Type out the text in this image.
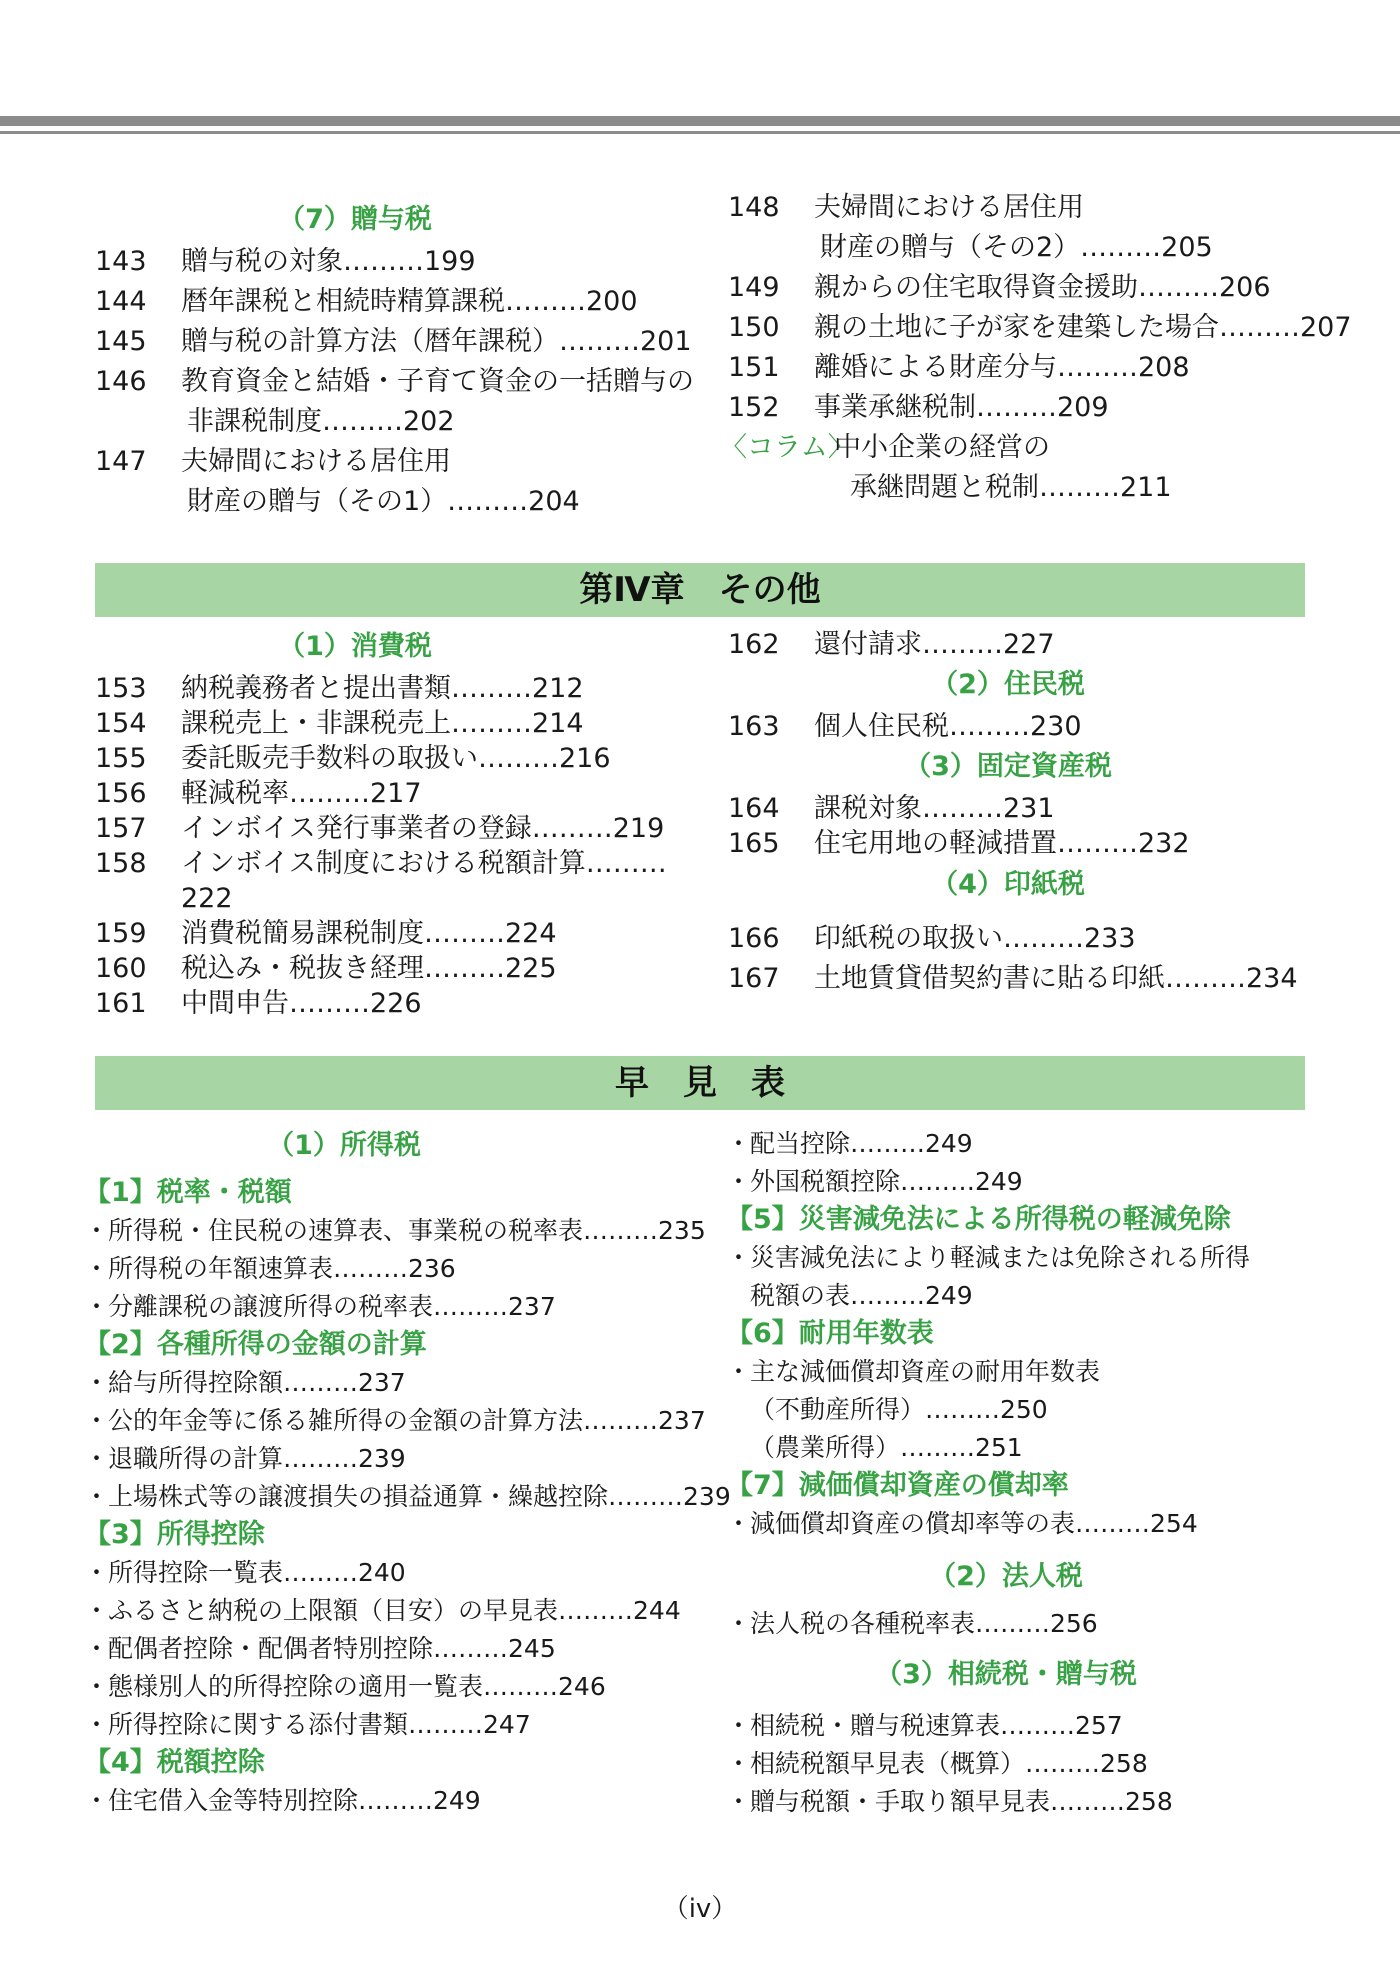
（7）贈与税
143	贈与税の対象………199
144	暦年課税と相続時精算課税………200
145	贈与税の計算方法（暦年課税）………201
146	教育資金と結婚・子育て資金の一括贈与の
非課税制度………202
147	夫婦間における居住用
財産の贈与（その1）………204
148	夫婦間における居住用
財産の贈与（その2）………205
149	親からの住宅取得資金援助………206
150	親の土地に子が家を建築した場合………207
151	離婚による財産分与………208
152	事業承継税制………209
〈コラム〉
中小企業の経営の
承継問題と税制………211
第Ⅳ章　その他
（1）消費税
153	納税義務者と提出書類………212
154	課税売上・非課税売上………214
155	委託販売手数料の取扱い………216
156	軽減税率………217
157	インボイス発行事業者の登録………219
158	インボイス制度における税額計算………
222
159	消費税簡易課税制度………224
160	税込み・税抜き経理………225
161	中間申告………226
162	還付請求………227
（2）住民税
163	個人住民税………230
（3）固定資産税
164	課税対象………231
165	住宅用地の軽減措置………232
（4）印紙税
166	印紙税の取扱い………233
167	土地賃貸借契約書に貼る印紙………234
早　見　表
（1）所得税
【1】税率・税額
・
所得税・住民税の速算表、事業税の税率表………235
・
所得税の年額速算表………236
・
分離課税の譲渡所得の税率表………237
【2】各種所得の金額の計算
・
給与所得控除額………237
・
公的年金等に係る雑所得の金額の計算方法………237
・
退職所得の計算………239
・
上場株式等の譲渡損失の損益通算・繰越控除………239
【3】所得控除
・
所得控除一覧表………240
・
ふるさと納税の上限額（目安）の早見表………244
・
配偶者控除・配偶者特別控除………245
・
態様別人的所得控除の適用一覧表………246
・
所得控除に関する添付書類………247
【4】税額控除
・
住宅借入金等特別控除………249
・
配当控除………249
・
外国税額控除………249
【5】災害減免法による所得税の軽減免除
・
災害減免法により軽減または免除される所得
税額の表………249
【6】耐用年数表
・
主な減価償却資産の耐用年数表
（不動産所得）………250
（農業所得）………251
【7】減価償却資産の償却率
・
減価償却資産の償却率等の表………254
（2）法人税
・
法人税の各種税率表………256
（3）相続税・贈与税
・
相続税・贈与税速算表………257
・
相続税額早見表（概算）………258
・
贈与税額・手取り額早見表………258
（iv）
